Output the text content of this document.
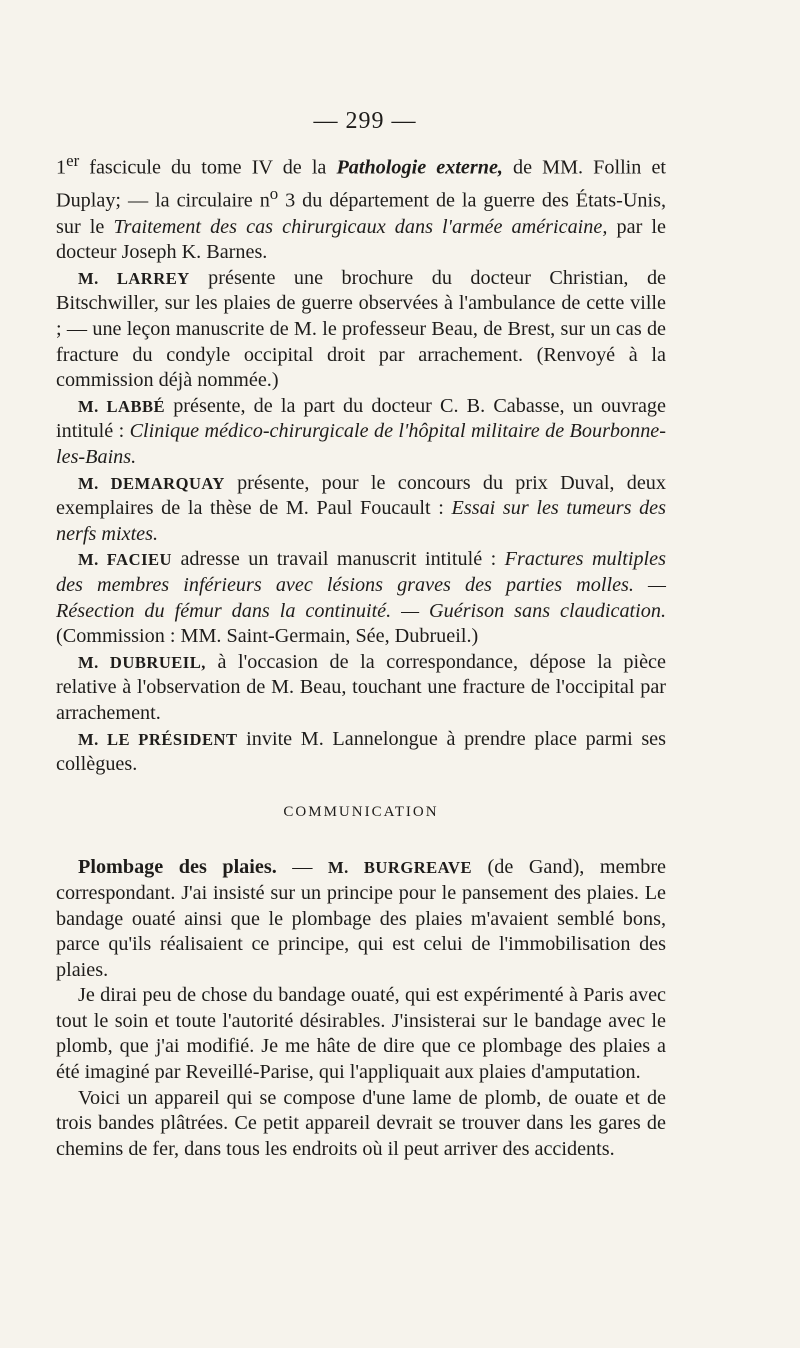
— 299 —

1er fascicule du tome IV de la Pathologie externe, de MM. Follin et Duplay; — la circulaire $n^o$ 3 du département de la guerre des États-Unis, sur le Traitement des cas chirurgicaux dans l'armée américaine, par le docteur Joseph K. Barnes.

M. LARREY présente une brochure du docteur Christian, de Bitschwiller, sur les plaies de guerre observées à l'ambulance de cette ville ; — une leçon manuscrite de M. le professeur Beau, de Brest, sur un cas de fracture du condyle occipital droit par arrachement. (Renvoyé à la commission déjà nommée.)

M. LABBÉ présente, de la part du docteur C. B. Cabasse, un ouvrage intitulé : Clinique médico-chirurgicale de l'hôpital militaire de Bourbonne-les-Bains.

M. DEMARQUAY présente, pour le concours du prix Duval, deux exemplaires de la thèse de M. Paul Foucault : Essai sur les tumeurs des nerfs mixtes.

M. FACIEU adresse un travail manuscrit intitulé : Fractures multiples des membres inférieurs avec lésions graves des parties molles. — Résection du fémur dans la continuité. — Guérison sans claudication. (Commission : MM. Saint-Germain, Sée, Dubrueil.)

M. DUBRUEIL, à l'occasion de la correspondance, dépose la pièce relative à l'observation de M. Beau, touchant une fracture de l'occipital par arrachement.

M. LE PRÉSIDENT invite M. Lannelongue à prendre place parmi ses collègues.

COMMUNICATION

Plombage des plaies. — M. BURGREAVE (de Gand), membre correspondant. J'ai insisté sur un principe pour le pansement des plaies. Le bandage ouaté ainsi que le plombage des plaies m'avaient semblé bons, parce qu'ils réalisaient ce principe, qui est celui de l'immobilisation des plaies.

Je dirai peu de chose du bandage ouaté, qui est expérimenté à Paris avec tout le soin et toute l'autorité désirables. J'insisterai sur le bandage avec le plomb, que j'ai modifié. Je me hâte de dire que ce plombage des plaies a été imaginé par Reveillé-Parise, qui l'appliquait aux plaies d'amputation.

Voici un appareil qui se compose d'une lame de plomb, de ouate et de trois bandes plâtrées. Ce petit appareil devrait se trouver dans les gares de chemins de fer, dans tous les endroits où il peut arriver des accidents.
